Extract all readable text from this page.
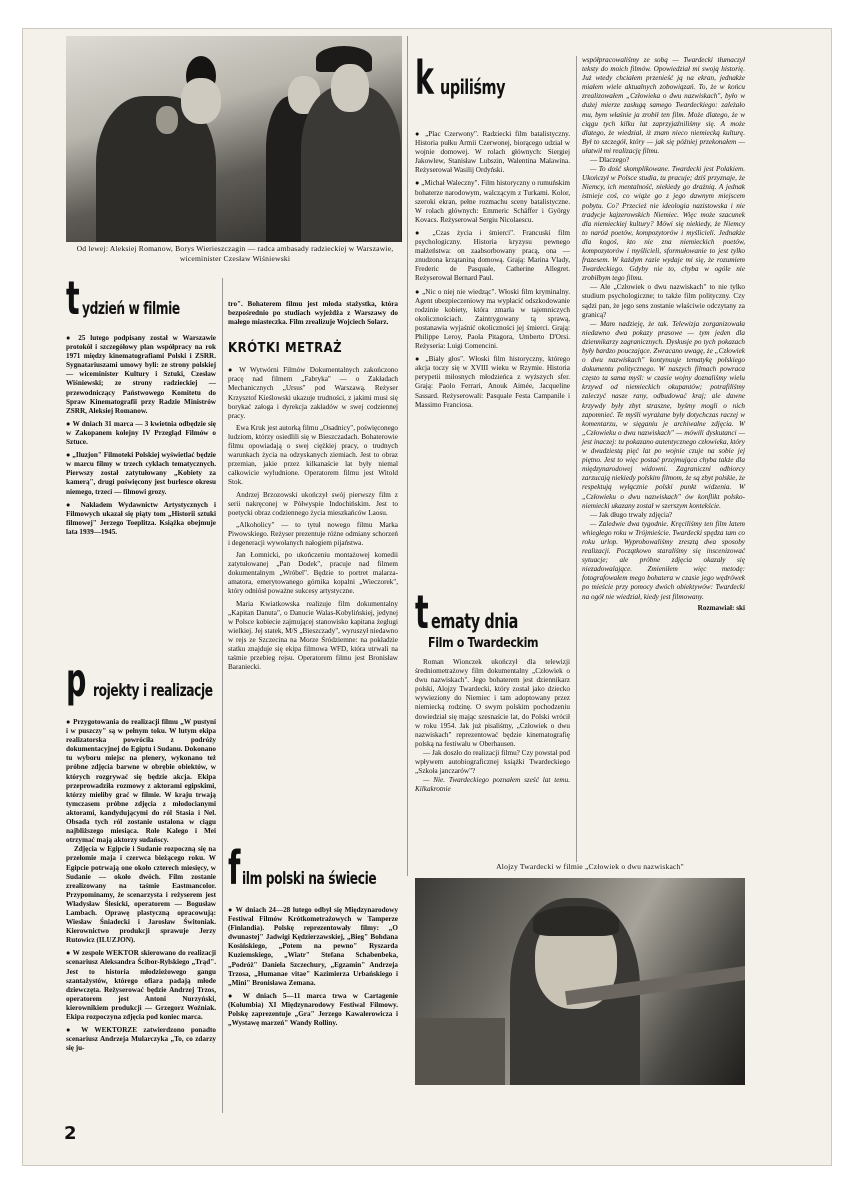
Od lewej: Aleksiej Romanow, Borys Wierieszczagin — radca ambasady radzieckiej w Warszawie, wiceminister Czesław Wiśniewski
t ydzień w filmie

● 25 lutego podpisany został w Warszawie protokół i szczegółowy plan współpracy na rok 1971 między kinematografiami Polski i ZSRR. Sygnatariuszami umowy byli: ze strony polskiej — wiceminister Kultury i Sztuki, Czesław Wiśniewski; ze strony radzieckiej — przewodniczący Państwowego Komitetu do Spraw Kinematografii przy Radzie Ministrów ZSRR, Aleksiej Romanow.

● W dniach 31 marca — 3 kwietnia odbędzie się w Zakopanem kolejny IV Przegląd Filmów o Sztuce.

● „Iluzjon" Filmoteki Polskiej wyświetlać będzie w marcu filmy w trzech cyklach tematycznych. Pierwszy został zatytułowany „Kobiety za kamerą", drugi poświęcony jest burlesce okresu niemego, trzeci — filmowi grozy.

● Nakładem Wydawnictw Artystycznych i Filmowych ukazał się piąty tom „Historii sztuki filmowej" Jerzego Toeplitza. Książka obejmuje lata 1939—1945.

p rojekty i realizacje

● Przygotowania do realizacji filmu „W pustyni i w puszczy" są w pełnym toku. W lutym ekipa realizatorska powróciła z podróży dokumentacyjnej do Egiptu i Sudanu. Dokonano tu wyboru miejsc na plenery, wykonano też próbne zdjęcia barwne w obrębie obiektów, w których rozgrywać się będzie akcja. Ekipa przeprowadziła rozmowy z aktorami egipskimi, którzy mieliby grać w filmie. W kraju trwają tymczasem próbne zdjęcia z młodocianymi aktorami, kandydującymi do ról Stasia i Nel. Obsada tych ról zostanie ustalona w ciągu najbliższego miesiąca. Role Kalego i Mei otrzymać mają aktorzy sudańscy.

Zdjęcia w Egipcie i Sudanie rozpoczną się na przełomie maja i czerwca bieżącego roku. W Egipcie potrwają one około czterech miesięcy, w Sudanie — około dwóch. Film zostanie zrealizowany na taśmie Eastmancolor. Przypominamy, że scenarzysta i reżyserem jest Władysław Ślesicki, operatorem — Bogusław Lambach. Oprawę plastyczną opracowują: Wiesław Śniadecki i Jarosław Świtoniak. Kierownictwo produkcji sprawuje Jerzy Rutowicz (ILUZJON).

● W zespole WEKTOR skierowano do realizacji scenariusz Aleksandra Ścibor-Rylskiego „Trąd". Jest to historia młodzieżowego gangu szantażystów, którego ofiara padają młode dziewczęta. Reżyserować będzie Andrzej Trzos, operatorem jest Antoni Nurzyński, kierownikiem produkcji — Grzegorz Woźniak. Ekipa rozpoczyna zdjęcia pod koniec marca.

● W WEKTORZE zatwierdzono ponadto scenariusz Andrzeja Mularczyka „To, co zdarzy się ju-

tro". Bohaterem filmu jest młoda stażystka, która bezpośrednio po studiach wyjeżdża z Warszawy do małego miasteczka. Film zrealizuje Wojciech Solarz.

KRÓTKI METRAŻ

● W Wytwórni Filmów Dokumentalnych zakończono pracę nad filmem „Fabryka" — o Zakładach Mechanicznych „Ursus" pod Warszawą. Reżyser Krzysztof Kieślowski ukazuje trudności, z jakimi musi się borykać załoga i dyrekcja zakładów w swej codziennej pracy.

Ewa Kruk jest autorką filmu „Osadnicy", poświęconego ludziom, którzy osiedlili się w Bieszczadach. Bohaterowie filmu opowiadają o swej ciężkiej pracy, o trudnych warunkach życia na odzyskanych ziemiach. Jest to obraz przemian, jakie przez kilkanaście lat były niemal całkowicie wyludnione. Operatorem filmu jest Witold Stok.

Andrzej Brzozowski ukończył swój pierwszy film z serii nakręconej w Półwyspie Indochińskim. Jest to poetycki obraz codziennego życia mieszkańców Laosu.

„Alkoholicy" — to tytuł nowego filmu Marka Piwowskiego. Reżyser prezentuje różne odmiany schorzeń i degeneracji wywołanych nałogiem pijaństwa.

Jan Łomnicki, po ukończeniu montażowej komedii zatytułowanej „Pan Dodek", pracuje nad filmem dokumentalnym „Wróbel". Będzie to portret malarza-amatora, emerytowanego górnika kopalni „Wieczorek", który odniósł poważne sukcesy artystyczne.

Maria Kwiatkowska realizuje film dokumentalny „Kapitan Danuta", o Danucie Walas-Kobylińskiej, jedynej w Polsce kobiecie zajmującej stanowisko kapitana żeglugi wielkiej. Jej statek, M/S „Bieszczady", wyruszył niedawno w rejs ze Szczecina na Morze Śródziemne: na pokładzie statku znajduje się ekipa filmowa WFD, która utrwali na taśmie przebieg rejsu. Operatorem filmu jest Bronisław Baraniecki.

f ilm polski na świecie

● W dniach 24—28 lutego odbył się Międzynarodowy Festiwal Filmów Krótkometrażowych w Tamperze (Finlandia). Polskę reprezentowały filmy: „O dwunastej" Jadwigi Kędzierzawskiej, „Bieg" Bohdana Kosińskiego, „Potem na pewno" Ryszarda Kuziemskiego, „Wiatr" Stefana Schabenbeka, „Podróż" Daniela Szczechury, „Egzamin" Andrzeja Trzosa, „Humanae vitae" Kazimierza Urbańskiego i „Mini" Bronisława Zemana.

● W dniach 5—11 marca trwa w Cartagenie (Kolumbia) XI Międzynarodowy Festiwal Filmowy. Polskę zaprezentuje „Gra" Jerzego Kawalerowicza i „Wystawę marzeń" Wandy Rolliny.

k upiliśmy

● „Plac Czerwony". Radziecki film batalistyczny. Historia pułku Armii Czerwonej, biorącego udział w wojnie domowej. W rolach głównych: Siergiej Jakowlew, Stanisław Lubszin, Walentina Malawina. Reżyserował Wasilij Ordyński.

● „Michał Waleczny". Film historyczny o rumuńskim bohaterze narodowym, walczącym z Turkami. Kolor, szeroki ekran, pełne rozmachu sceny batalistyczne. W rolach głównych: Emmeric Schäffer i György Kovacs. Reżyserował Sergiu Nicolaescu.

● „Czas życia i śmierci". Francuski film psychologiczny. Historia kryzysu pewnego małżeństwa: on zaabsorbowany pracą, ona — znudzona krzątaniną domową. Grają: Marina Vlady, Frederic de Pasquale, Catherine Allegret. Reżyserował Bernard Paul.

● „Nic o niej nie wiedząc". Włoski film kryminalny. Agent ubezpieczeniowy ma wypłacić odszkodowanie rodzinie kobiety, która zmarła w tajemniczych okolicznościach. Zaintrygowany tą sprawą, postanawia wyjaśnić okoliczności jej śmierci. Grają: Philippe Leroy, Paola Pitagora, Umberto D'Orsi. Reżyseria: Luigi Comencini.

● „Biały głos". Włoski film historyczny, którego akcja toczy się w XVIII wieku w Rzymie. Historia perypetii miłosnych młodzieńca z wyższych sfer. Grają: Paolo Ferrari, Anouk Aimée, Jacqueline Sassard. Reżyserowali: Pasquale Festa Campanile i Massimo Franciosa.

t ematy dnia
Film o Twardeckim

Roman Wionczek ukończył dla telewizji średniometrażowy film dokumentalny „Człowiek o dwu nazwiskach". Jego bohaterem jest dziennikarz polski, Alojzy Twardecki, który został jako dziecko wywieziony do Niemiec i tam adoptowany przez niemiecką rodzinę. O swym polskim pochodzeniu dowiedział się mając szesnaście lat, do Polski wrócił w roku 1954. Jak już pisaliśmy, „Człowiek o dwu nazwiskach" reprezentować będzie kinematografię polską na festiwalu w Oberhausen.

— Jak doszło do realizacji filmu? Czy powstał pod wpływem autobiograficznej książki Twardeckiego „Szkoła janczarów"?

— Nie. Twardeckiego poznałem sześć lat temu. Kilkakrotnie

współpracowaliśmy ze sobą — Twardecki tłumaczył teksty do moich filmów. Opowiedział mi swoją historię. Już wtedy chciałem przenieść ją na ekran, jednakże miałem wiele aktualnych zobowiązań. To, że w końcu zrealizowałem „Człowieka o dwu nazwiskach", było w dużej mierze zasługą samego Twardeckiego: zależało mu, bym właśnie ja zrobił ten film. Może dlatego, że w ciągu tych kilku lat zaprzyjaźniliśmy się. A może dlatego, że wiedział, iż znam nieco niemiecką kulturę. Był to szczegół, który — jak się później przekonałem — ułatwił mi realizację filmu.

— Dlaczego?

— To dość skomplikowane. Twardecki jest Polakiem. Ukończył w Polsce studia, tu pracuje; dziś przyznaje, że Niemcy, ich mentalność, niekiedy go drażnią. A jednak istnieje coś, co wiąże go z jego dawnym miejscem pobytu. Co? Przecież nie ideologia nazistowska i nie tradycje kajzerowskich Niemiec. Więc może szacunek dla niemieckiej kultury? Mówi się niekiedy, że Niemcy to naród poetów, kompozytorów i myślicieli. Jednakże dla kogoś, kto nie zna niemieckich poetów, kompozytorów i myślicieli, sformułowanie to jest tylko frazesem. W każdym razie wydaje mi się, że rozumiem Twardeckiego. Gdyby nie to, chyba w ogóle nie zrobiłbym tego filmu.

— Ale „Człowiek o dwu nazwiskach" to nie tylko studium psychologiczne; to także film polityczny. Czy sądzi pan, że jego sens zostanie właściwie odczytany za granicą?

— Mam nadzieję, że tak. Telewizja zorganizowała niedawno dwa pokazy prasowe — tym jeden dla dziennikarzy zagranicznych. Dyskusje po tych pokazach były bardzo pouczające. Zwracano uwagę, że „Człowiek o dwu nazwiskach" kontynuuje tematykę polskiego dokumentu politycznego. W naszych filmach powraca często ta sama myśl: w czasie wojny doznaliśmy wielu krzywd od niemieckich okupantów; potrafiliśmy zaleczyć nasze rany, odbudować kraj; ale dawne krzywdy były zbyt straszne, byśmy mogli o nich zapomnieć. Te myśli wyrażane były dotychczas raczej w komentarzu, w sięganiu je archiwalne zdjęcia. W „Człowieku o dwu nazwiskach" — mówili dyskutanci — jest inaczej: tu pokazano autentycznego człowieka, który w dwudziestą pięć lat po wojnie czuje na sobie jej piętno. Jest to więc postać przejmująca chyba także dla międzynarodowej widowni. Zagraniczni odbiorcy zarzucają niekiedy polskim filmom, że są zbyt polskie, że respektują wyłącznie polski punkt widzenia. W „Człowieku o dwu nazwiskach" ów konflikt polsko-niemiecki ukazany został w szerszym kontekście.

— Jak długo trwały zdjęcia?

— Zaledwie dwa tygodnie. Kręciliśmy ten film latem whiegłego roku w Trójmieście. Twardecki spędza tam co roku urlop. Wyprobowaliśmy zresztą dwa sposoby realizacji. Początkowo staraliśmy się inscenizować sytuacje; ale próbne zdjęcia okazały się niezadowalające. Zmieniłem więc metodę: fotografowałem mego bohatera w czasie jego wędrówek po mieście przy pomocy dwóch obiektywów: Twardecki na ogół nie wiedział, kiedy jest filmowany.

Rozmawiał: ski

Alojzy Twardecki w filmie „Człowiek o dwu nazwiskach"
2
